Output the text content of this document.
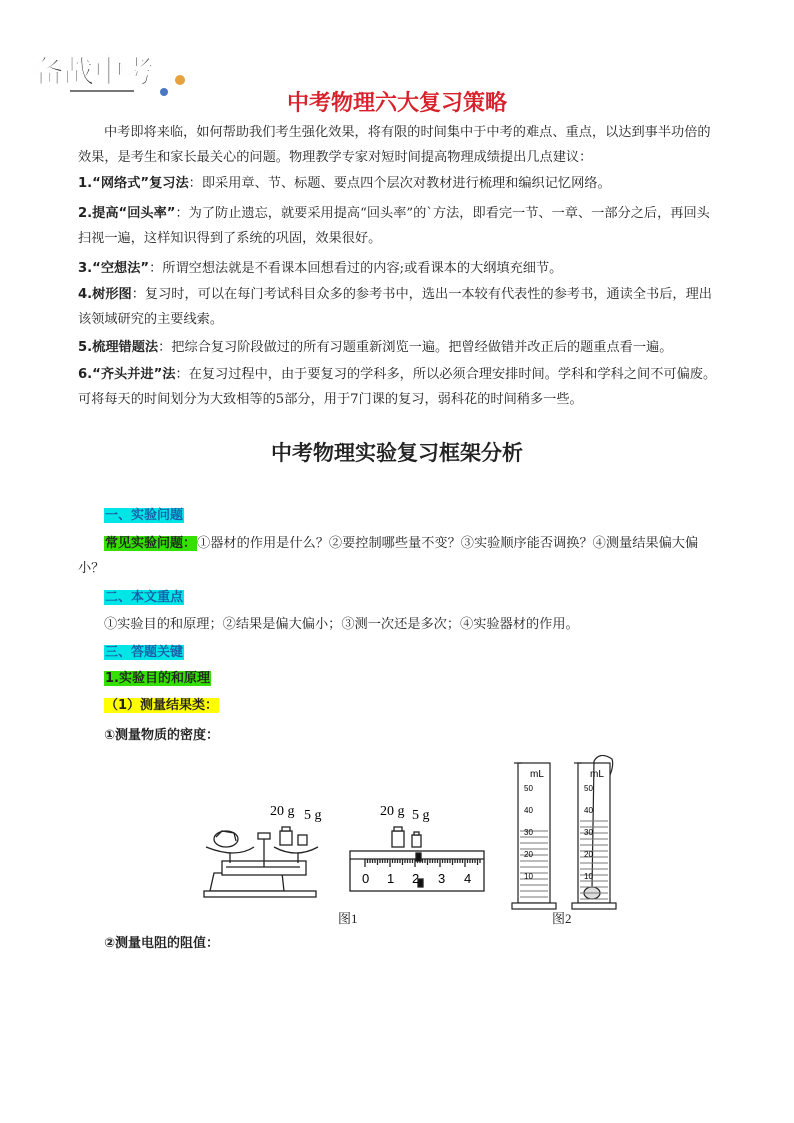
备战中考
中考物理六大复习策略
中考即将来临，如何帮助我们考生强化效果，将有限的时间集中于中考的难点、重点，以达到事半功倍的效果，是考生和家长最关心的问题。物理教学专家对短时间提高物理成绩提出几点建议：
1.“网络式”复习法：即采用章、节、标题、要点四个层次对教材进行梳理和编织记忆网络。
2.提高“回头率”：为了防止遗忘，就要采用提高“回头率”的`方法，即看完一节、一章、一部分之后，再回头扫视一遍，这样知识得到了系统的巩固，效果很好。
3.“空想法”：所谓空想法就是不看课本回想看过的内容;或看课本的大纲填充细节。
4.树形图：复习时，可以在每门考试科目众多的参考书中，选出一本较有代表性的参考书，通读全书后，理出该领域研究的主要线索。
5.梳理错题法：把综合复习阶段做过的所有习题重新浏览一遍。把曾经做错并改正后的题重点看一遍。
6.“齐头并进”法：在复习过程中，由于要复习的学科多，所以必须合理安排时间。学科和学科之间不可偏废。可将每天的时间划分为大致相等的5部分，用于7门课的复习，弱科花的时间稍多一些。
中考物理实验复习框架分析
一、实验问题
常见实验问题：①器材的作用是什么？②要控制哪些量不变？③实验顺序能否调换？④测量结果偏大偏小？
二、本文重点
①实验目的和原理；②结果是偏大偏小；③测一次还是多次；④实验器材的作用。
三、答题关键
1.实验目的和原理
（1）测量结果类：
①测量物质的密度：
20 g 5 g	20 g 5 g
0 1 2 3 4
mL	mL
50
40
30
20
10
50
40
30
20
10
图1	图2
②测量电阻的阻值：
